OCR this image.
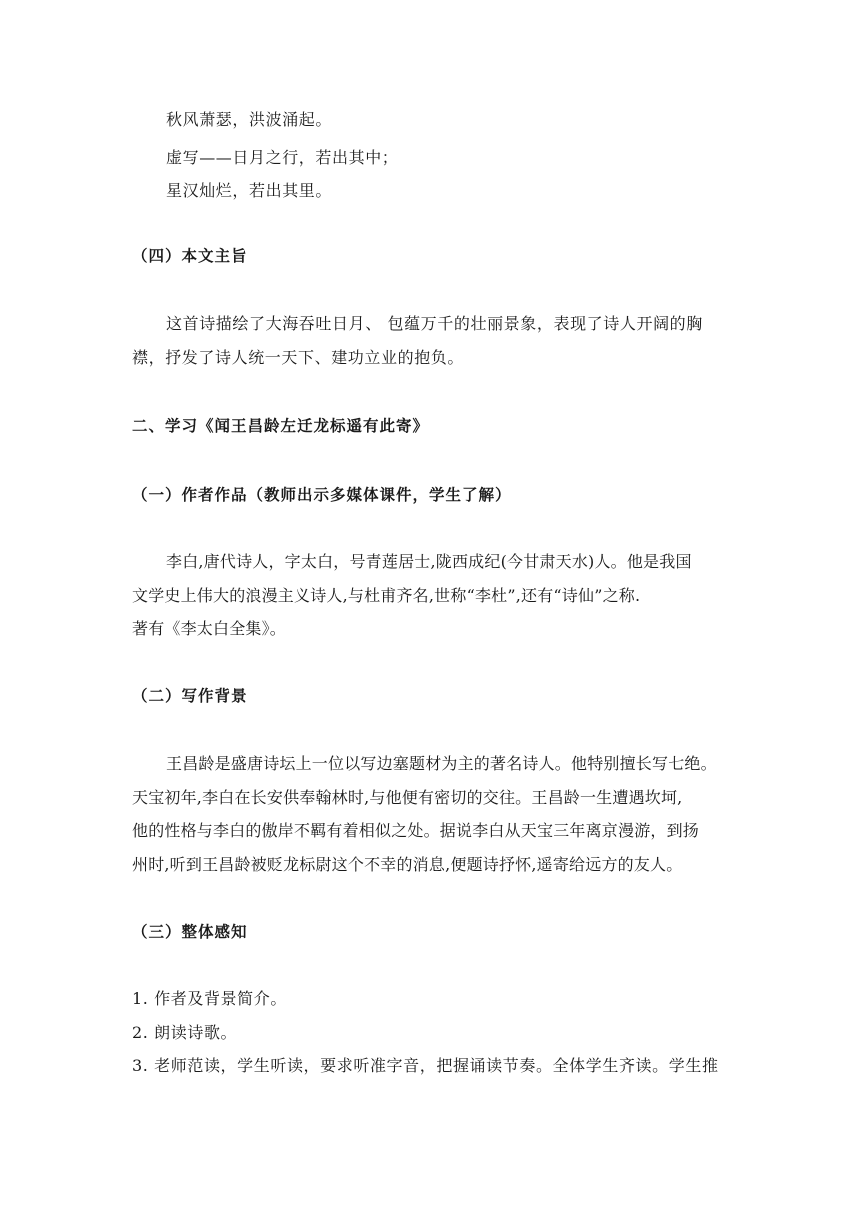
秋风萧瑟，洪波涌起。
虚写——日月之行，若出其中；
星汉灿烂，若出其里。
（四）本文主旨
这首诗描绘了大海吞吐日月、 包蕴万千的壮丽景象，表现了诗人开阔的胸
襟，抒发了诗人统一天下、建功立业的抱负。
二、学习《闻王昌龄左迁龙标遥有此寄》
（一）作者作品（教师出示多媒体课件，学生了解）
李白,唐代诗人，字太白，号青莲居士,陇西成纪(今甘肃天水)人。他是我国
文学史上伟大的浪漫主义诗人,与杜甫齐名,世称“李杜”,还有“诗仙”之称.
著有《李太白全集》。
（二）写作背景
王昌龄是盛唐诗坛上一位以写边塞题材为主的著名诗人。他特别擅长写七绝。
天宝初年,李白在长安供奉翰林时,与他便有密切的交往。王昌龄一生遭遇坎坷,
他的性格与李白的傲岸不羁有着相似之处。据说李白从天宝三年离京漫游，到扬
州时,听到王昌龄被贬龙标尉这个不幸的消息,便题诗抒怀,遥寄给远方的友人。
（三）整体感知
1. 作者及背景简介。
2. 朗读诗歌。
3. 老师范读，学生听读，要求听准字音，把握诵读节奏。全体学生齐读。学生推
